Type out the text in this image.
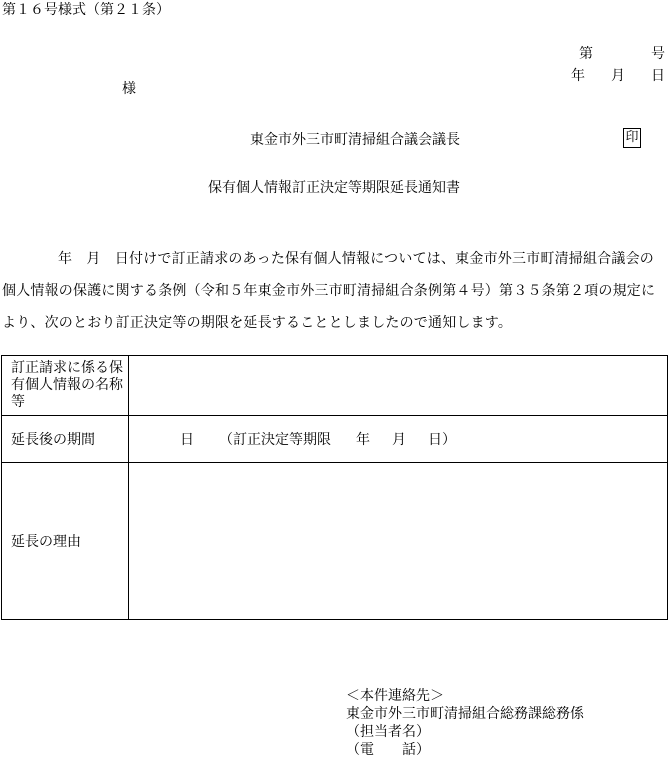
第１６号様式（第２１条）
第	号
年 月 日
様
東金市外三市町清掃組合議会議長	印
保有個人情報訂正決定等期限延長通知書
年　月　日付けで訂正請求のあった保有個人情報については、東金市外三市町清掃組合議会の個人情報の保護に関する条例（令和５年東金市外三市町清掃組合条例第４号）第３５条第２項の規定により、次のとおり訂正決定等の期限を延長することとしましたので通知します。
訂正請求に係る保有個人情報の名称等	
延長後の期間	日 （訂正決定等期限 年 月 日）
延長の理由	
＜本件連絡先＞
東金市外三市町清掃組合総務課総務係
（担当者名）
（電　　話）
